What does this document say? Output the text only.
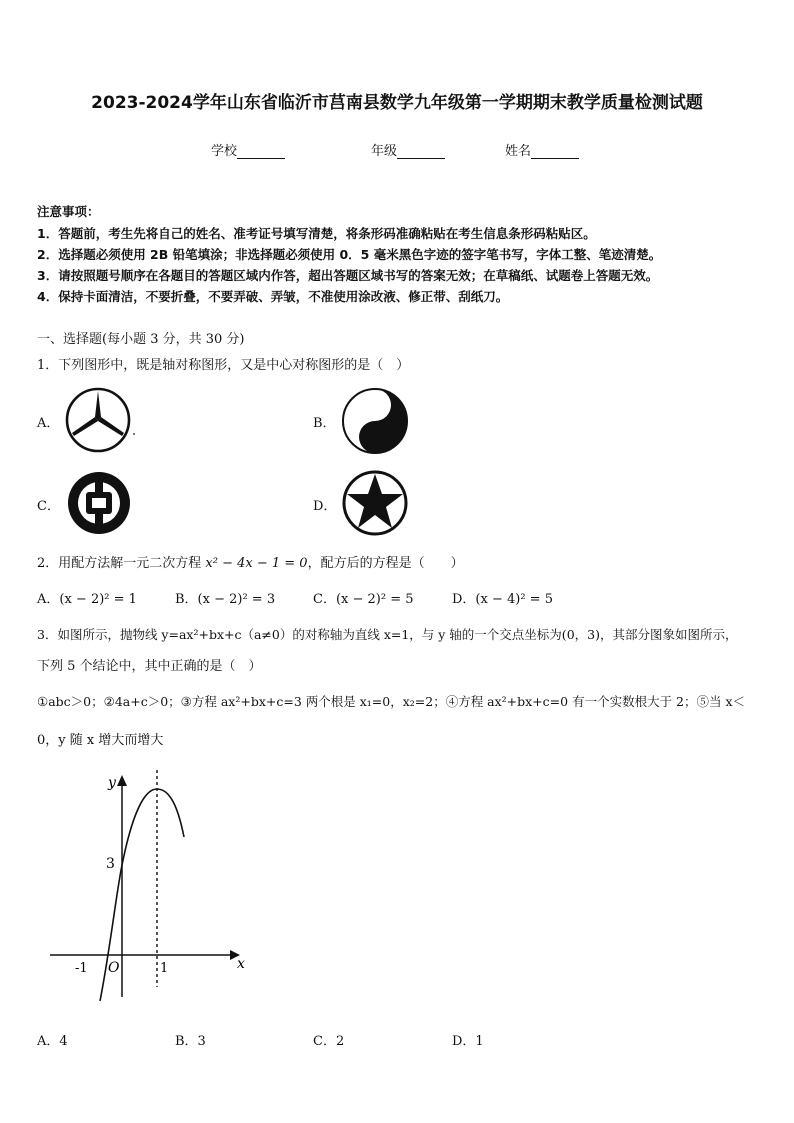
2023-2024学年山东省临沂市莒南县数学九年级第一学期期末教学质量检测试题
学校	年级	姓名
注意事项：
1．答题前，考生先将自己的姓名、准考证号填写清楚，将条形码准确粘贴在考生信息条形码粘贴区。
2．选择题必须使用 2B 铅笔填涂；非选择题必须使用 0．5 毫米黑色字迹的签字笔书写，字体工整、笔迹清楚。
3．请按照题号顺序在各题目的答题区域内作答，超出答题区域书写的答案无效；在草稿纸、试题卷上答题无效。
4．保持卡面清洁，不要折叠，不要弄破、弄皱，不准使用涂改液、修正带、刮纸刀。
一、选择题(每小题 3 分，共 30 分)
1．下列图形中，既是轴对称图形，又是中心对称图形的是（　）
A．	B．
C．	D．
2．用配方法解一元二次方程 x² − 4x − 1 = 0，配方后的方程是（　　）
A．(x − 2)² = 1	B．(x − 2)² = 3	C．(x − 2)² = 5	D．(x − 4)² = 5
3．如图所示，抛物线 y=ax²+bx+c（a≠0）的对称轴为直线 x=1，与 y 轴的一个交点坐标为(0，3)，其部分图象如图所示，
下列 5 个结论中，其中正确的是（　）
①abc＞0；②4a+c＞0；③方程 ax²+bx+c=3 两个根是 x₁=0，x₂=2；④方程 ax²+bx+c=0 有一个实数根大于 2；⑤当 x＜
0，y 随 x 增大而增大
y
x
3
-1 O	1
A．4	B．3	C．2	D．1
